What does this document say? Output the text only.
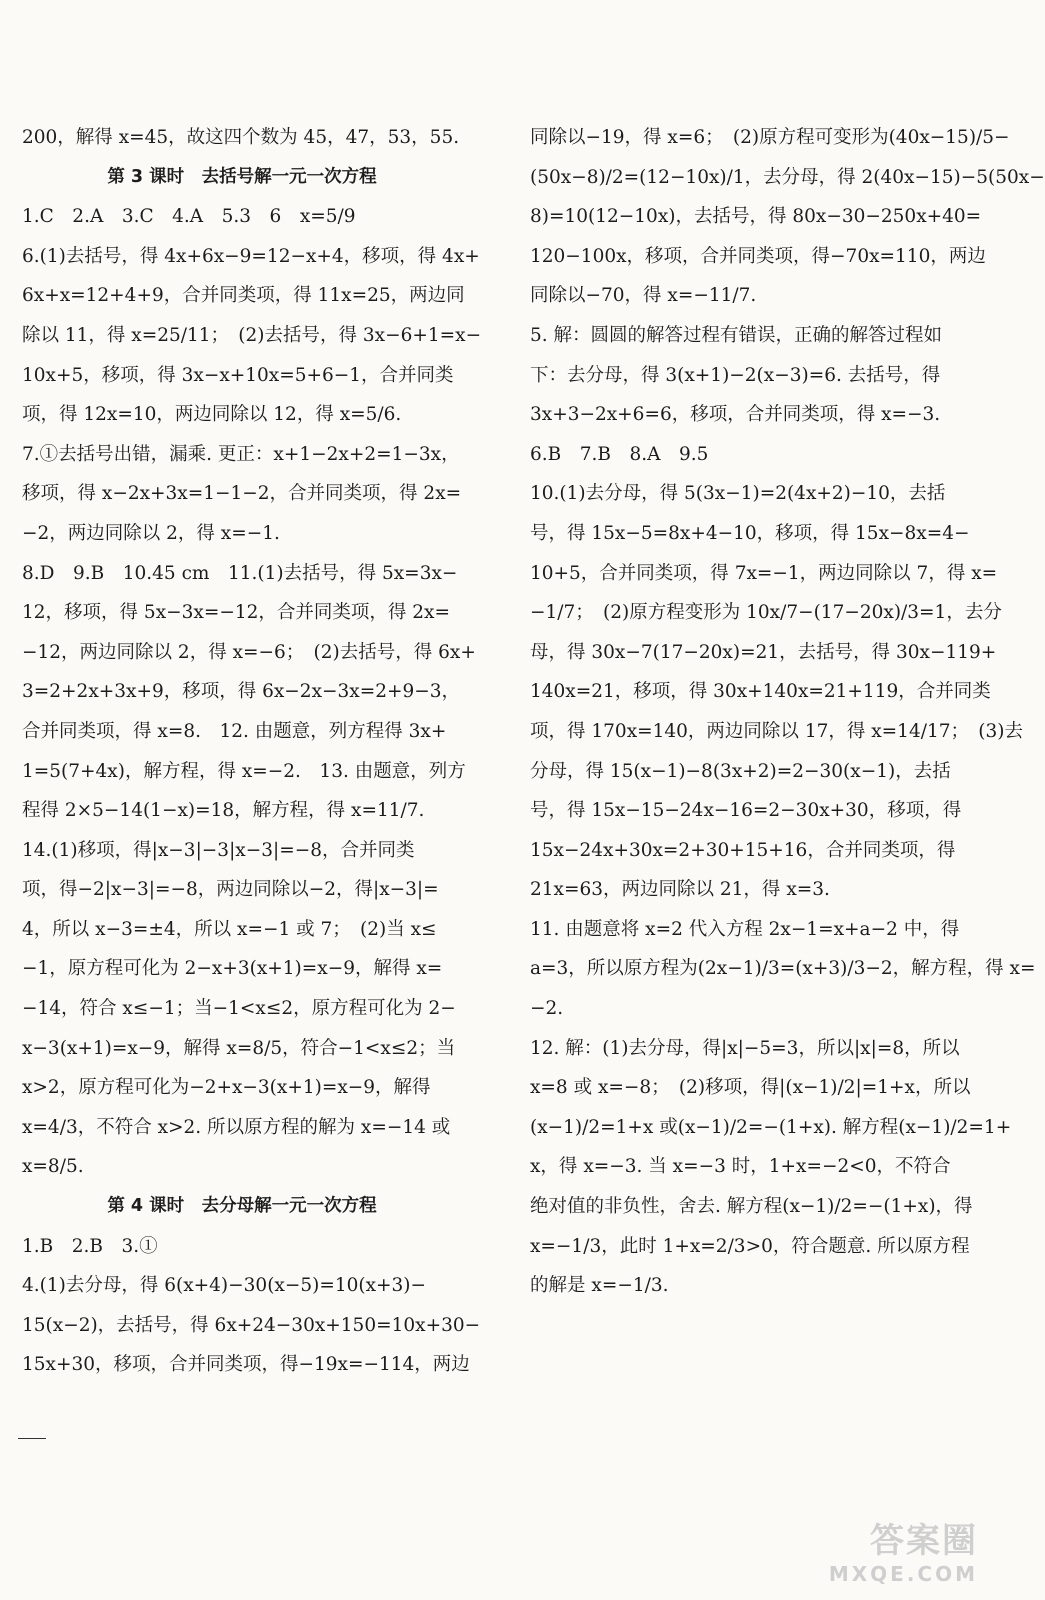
200，解得 x=45，故这四个数为 45，47，53，55.
第 3 课时　去括号解一元一次方程
1.C　2.A　3.C　4.A　5.3　6　x=5/9
6.(1)去括号，得 4x+6x−9=12−x+4，移项，得 4x+
6x+x=12+4+9，合并同类项，得 11x=25，两边同
除以 11，得 x=25/11；　(2)去括号，得 3x−6+1=x−
10x+5，移项，得 3x−x+10x=5+6−1，合并同类
项，得 12x=10，两边同除以 12，得 x=5/6.
7.①去括号出错，漏乘. 更正：x+1−2x+2=1−3x，
移项，得 x−2x+3x=1−1−2，合并同类项，得 2x=
−2，两边同除以 2，得 x=−1.
8.D　9.B　10.45 cm　11.(1)去括号，得 5x=3x−
12，移项，得 5x−3x=−12，合并同类项，得 2x=
−12，两边同除以 2，得 x=−6；　(2)去括号，得 6x+
3=2+2x+3x+9，移项，得 6x−2x−3x=2+9−3，
合并同类项，得 x=8.　12. 由题意，列方程得 3x+
1=5(7+4x)，解方程，得 x=−2.　13. 由题意，列方
程得 2×5−14(1−x)=18，解方程，得 x=11/7.
14.(1)移项，得|x−3|−3|x−3|=−8，合并同类
项，得−2|x−3|=−8，两边同除以−2，得|x−3|=
4，所以 x−3=±4，所以 x=−1 或 7；　(2)当 x≤
−1，原方程可化为 2−x+3(x+1)=x−9，解得 x=
−14，符合 x≤−1；当−1<x≤2，原方程可化为 2−
x−3(x+1)=x−9，解得 x=8/5，符合−1<x≤2；当
x>2，原方程可化为−2+x−3(x+1)=x−9，解得
x=4/3，不符合 x>2. 所以原方程的解为 x=−14 或
x=8/5.
第 4 课时　去分母解一元一次方程
1.B　2.B　3.①
4.(1)去分母，得 6(x+4)−30(x−5)=10(x+3)−
15(x−2)，去括号，得 6x+24−30x+150=10x+30−
15x+30，移项，合并同类项，得−19x=−114，两边
同除以−19，得 x=6；　(2)原方程可变形为(40x−15)/5−
(50x−8)/2=(12−10x)/1，去分母，得 2(40x−15)−5(50x−
8)=10(12−10x)，去括号，得 80x−30−250x+40=
120−100x，移项，合并同类项，得−70x=110，两边
同除以−70，得 x=−11/7.
5. 解：圆圆的解答过程有错误，正确的解答过程如
下：去分母，得 3(x+1)−2(x−3)=6. 去括号，得
3x+3−2x+6=6，移项，合并同类项，得 x=−3.
6.B　7.B　8.A　9.5
10.(1)去分母，得 5(3x−1)=2(4x+2)−10，去括
号，得 15x−5=8x+4−10，移项，得 15x−8x=4−
10+5，合并同类项，得 7x=−1，两边同除以 7，得 x=
−1/7；　(2)原方程变形为 10x/7−(17−20x)/3=1，去分
母，得 30x−7(17−20x)=21，去括号，得 30x−119+
140x=21，移项，得 30x+140x=21+119，合并同类
项，得 170x=140，两边同除以 17，得 x=14/17；　(3)去
分母，得 15(x−1)−8(3x+2)=2−30(x−1)，去括
号，得 15x−15−24x−16=2−30x+30，移项，得
15x−24x+30x=2+30+15+16，合并同类项，得
21x=63，两边同除以 21，得 x=3.
11. 由题意将 x=2 代入方程 2x−1=x+a−2 中，得
a=3，所以原方程为(2x−1)/3=(x+3)/3−2，解方程，得 x=
−2.
12. 解：(1)去分母，得|x|−5=3，所以|x|=8，所以
x=8 或 x=−8；　(2)移项，得|(x−1)/2|=1+x，所以
(x−1)/2=1+x 或(x−1)/2=−(1+x). 解方程(x−1)/2=1+
x，得 x=−3. 当 x=−3 时，1+x=−2<0，不符合
绝对值的非负性，舍去. 解方程(x−1)/2=−(1+x)，得
x=−1/3，此时 1+x=2/3>0，符合题意. 所以原方程
的解是 x=−1/3.
答案圈
MXQE.COM
